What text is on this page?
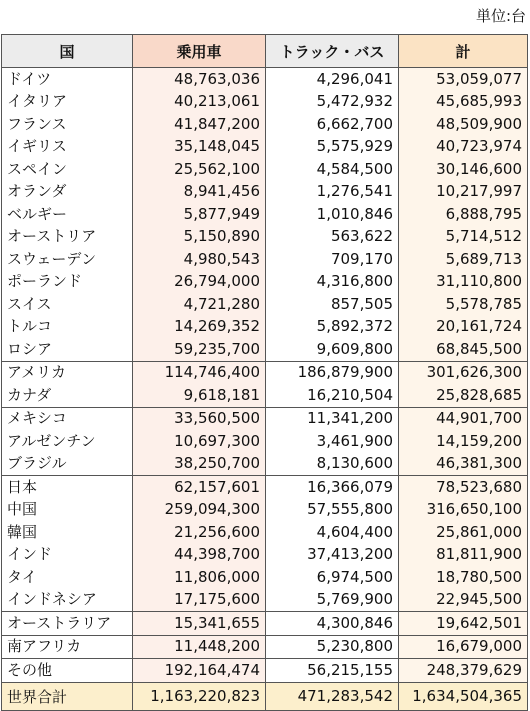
単位:台
国	乗用車	トラック・バス	計
ドイツ	48,763,036	4,296,041	53,059,077
イタリア	40,213,061	5,472,932	45,685,993
フランス	41,847,200	6,662,700	48,509,900
イギリス	35,148,045	5,575,929	40,723,974
スペイン	25,562,100	4,584,500	30,146,600
オランダ	8,941,456	1,276,541	10,217,997
ベルギー	5,877,949	1,010,846	6,888,795
オーストリア	5,150,890	563,622	5,714,512
スウェーデン	4,980,543	709,170	5,689,713
ポーランド	26,794,000	4,316,800	31,110,800
スイス	4,721,280	857,505	5,578,785
トルコ	14,269,352	5,892,372	20,161,724
ロシア	59,235,700	9,609,800	68,845,500
アメリカ	114,746,400	186,879,900	301,626,300
カナダ	9,618,181	16,210,504	25,828,685
メキシコ	33,560,500	11,341,200	44,901,700
アルゼンチン	10,697,300	3,461,900	14,159,200
ブラジル	38,250,700	8,130,600	46,381,300
日本	62,157,601	16,366,079	78,523,680
中国	259,094,300	57,555,800	316,650,100
韓国	21,256,600	4,604,400	25,861,000
インド	44,398,700	37,413,200	81,811,900
タイ	11,806,000	6,974,500	18,780,500
インドネシア	17,175,600	5,769,900	22,945,500
オーストラリア	15,341,655	4,300,846	19,642,501
南アフリカ	11,448,200	5,230,800	16,679,000
その他	192,164,474	56,215,155	248,379,629
世界合計	1,163,220,823	471,283,542	1,634,504,365
